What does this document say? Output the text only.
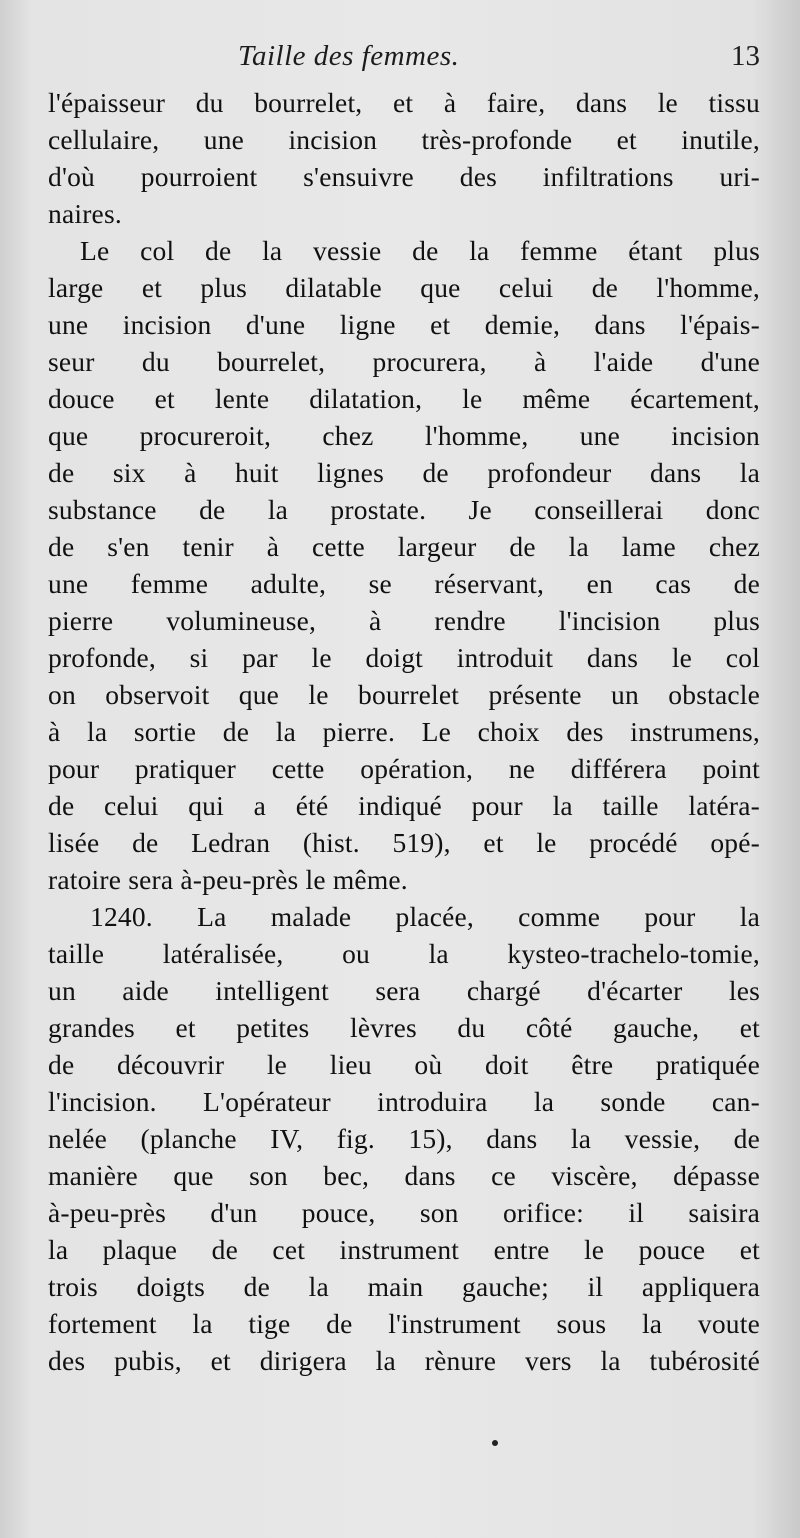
Taille des femmes.	13
l'épaisseur du bourrelet, et à faire, dans le tissu
cellulaire, une incision très-profonde et inutile,
d'où pourroient s'ensuivre des infiltrations uri-
naires.
Le col de la vessie de la femme étant plus
large et plus dilatable que celui de l'homme,
une incision d'une ligne et demie, dans l'épais-
seur du bourrelet, procurera, à l'aide d'une
douce et lente dilatation, le même écartement,
que procureroit, chez l'homme, une incision
de six à huit lignes de profondeur dans la
substance de la prostate. Je conseillerai donc
de s'en tenir à cette largeur de la lame chez
une femme adulte, se réservant, en cas de
pierre volumineuse, à rendre l'incision plus
profonde, si par le doigt introduit dans le col
on observoit que le bourrelet présente un obstacle
à la sortie de la pierre. Le choix des instrumens,
pour pratiquer cette opération, ne différera point
de celui qui a été indiqué pour la taille latéra-
lisée de Ledran (hist. 519), et le procédé opé-
ratoire sera à-peu-près le même.
1240. La malade placée, comme pour la
taille latéralisée, ou la kysteo-trachelo-tomie,
un aide intelligent sera chargé d'écarter les
grandes et petites lèvres du côté gauche, et
de découvrir le lieu où doit être pratiquée
l'incision. L'opérateur introduira la sonde can-
nelée (planche IV, fig. 15), dans la vessie, de
manière que son bec, dans ce viscère, dépasse
à-peu-près d'un pouce, son orifice: il saisira
la plaque de cet instrument entre le pouce et
trois doigts de la main gauche; il appliquera
fortement la tige de l'instrument sous la voute
des pubis, et dirigera la rènure vers la tubérosité
